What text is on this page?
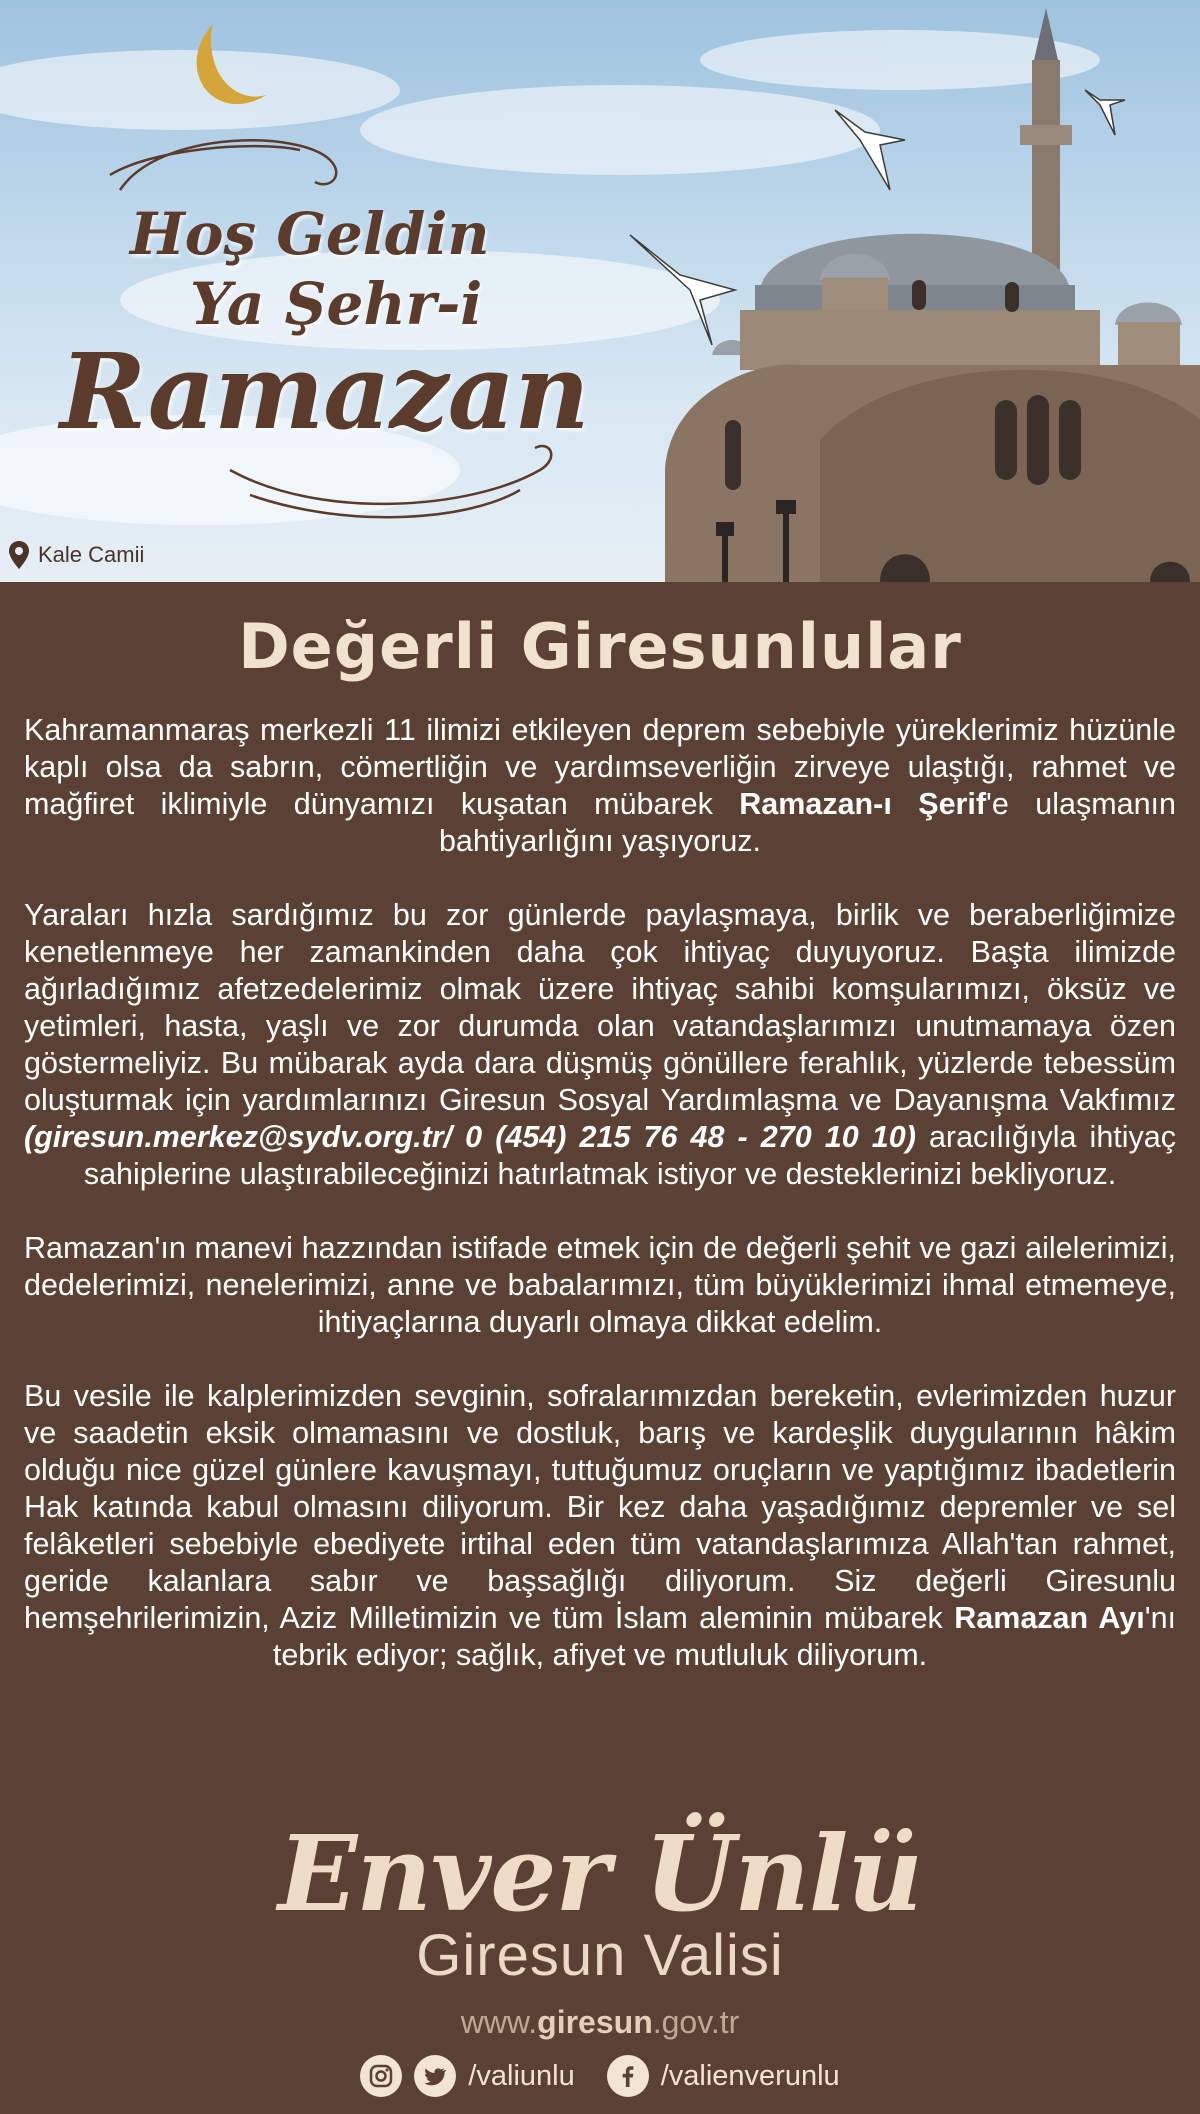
Hoş Geldin
Ya Şehr-i
Ramazan
Kale Camii
Değerli Giresunlular

Kahramanmaraş merkezli 11 ilimizi etkileyen deprem sebebiyle yüreklerimiz hüzünle kaplı olsa da sabrın, cömertliğin ve yardımseverliğin zirveye ulaştığı, rahmet ve mağfiret iklimiyle dünyamızı kuşatan mübarek Ramazan-ı Şerif'e ulaşmanın bahtiyarlığını yaşıyoruz.

Yaraları hızla sardığımız bu zor günlerde paylaşmaya, birlik ve beraberliğimize kenetlenmeye her zamankinden daha çok ihtiyaç duyuyoruz. Başta ilimizde ağırladığımız afetzedelerimiz olmak üzere ihtiyaç sahibi komşularımızı, öksüz ve yetimleri, hasta, yaşlı ve zor durumda olan vatandaşlarımızı unutmamaya özen göstermeliyiz. Bu mübarak ayda dara düşmüş gönüllere ferahlık, yüzlerde tebessüm oluşturmak için yardımlarınızı Giresun Sosyal Yardımlaşma ve Dayanışma Vakfımız (giresun.merkez@sydv.org.tr/ 0 (454) 215 76 48 - 270 10 10) aracılığıyla ihtiyaç sahiplerine ulaştırabileceğinizi hatırlatmak istiyor ve desteklerinizi bekliyoruz.

Ramazan'ın manevi hazzından istifade etmek için de değerli şehit ve gazi ailelerimizi, dedelerimizi, nenelerimizi, anne ve babalarımızı, tüm büyüklerimizi ihmal etmemeye, ihtiyaçlarına duyarlı olmaya dikkat edelim.

Bu vesile ile kalplerimizden sevginin, sofralarımızdan bereketin, evlerimizden huzur ve saadetin eksik olmamasını ve dostluk, barış ve kardeşlik duygularının hâkim olduğu nice güzel günlere kavuşmayı, tuttuğumuz oruçların ve yaptığımız ibadetlerin Hak katında kabul olmasını diliyorum. Bir kez daha yaşadığımız depremler ve sel felâketleri sebebiyle ebediyete irtihal eden tüm vatandaşlarımıza Allah'tan rahmet, geride kalanlara sabır ve başsağlığı diliyorum. Siz değerli Giresunlu hemşehrilerimizin, Aziz Milletimizin ve tüm İslam aleminin mübarek Ramazan Ayı'nı tebrik ediyor; sağlık, afiyet ve mutluluk diliyorum.

Enver Ünlü
Giresun Valisi
www.giresun.gov.tr
/valiunlu	/valienverunlu
